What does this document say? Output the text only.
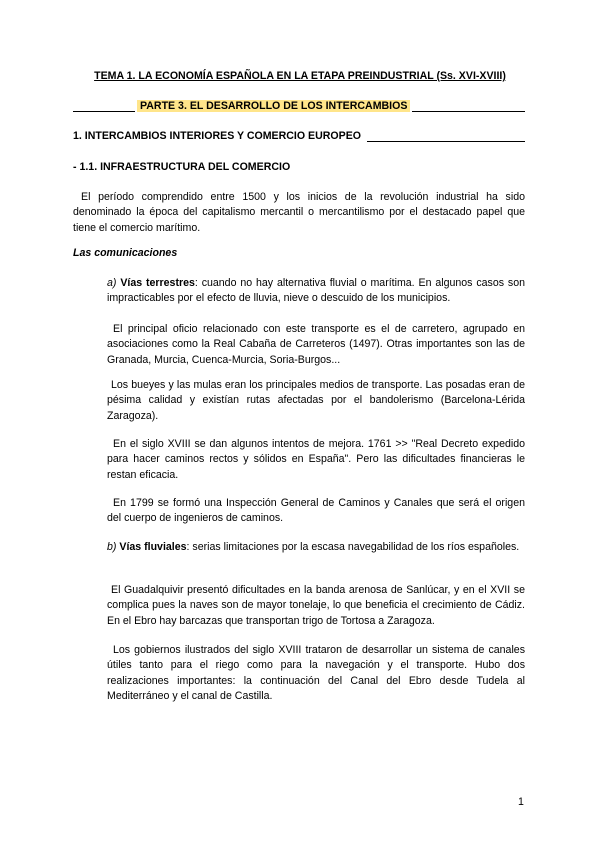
TEMA 1. LA ECONOMÍA ESPAÑOLA EN LA ETAPA PREINDUSTRIAL (Ss. XVI-XVIII)
PARTE 3. EL DESARROLLO DE LOS INTERCAMBIOS
1. INTERCAMBIOS INTERIORES Y COMERCIO EUROPEO
- 1.1. INFRAESTRUCTURA DEL COMERCIO
El período comprendido entre 1500 y los inicios de la revolución industrial ha sido denominado la época del capitalismo mercantil o mercantilismo por el destacado papel que tiene el comercio marítimo.
Las comunicaciones
a) Vías terrestres: cuando no hay alternativa fluvial o marítima. En algunos casos son impracticables por el efecto de lluvia, nieve o descuido de los municipios.
El principal oficio relacionado con este transporte es el de carretero, agrupado en asociaciones como la Real Cabaña de Carreteros (1497). Otras importantes son las de Granada, Murcia, Cuenca-Murcia, Soria-Burgos...
Los bueyes y las mulas eran los principales medios de transporte. Las posadas eran de pésima calidad y existían rutas afectadas por el bandolerismo (Barcelona-Lérida Zaragoza).
En el siglo XVIII se dan algunos intentos de mejora. 1761 >> "Real Decreto expedido para hacer caminos rectos y sólidos en España". Pero las dificultades financieras le restan eficacia.
En 1799 se formó una Inspección General de Caminos y Canales que será el origen del cuerpo de ingenieros de caminos.
b) Vías fluviales: serias limitaciones por la escasa navegabilidad de los ríos españoles.
El Guadalquivir presentó dificultades en la banda arenosa de Sanlúcar, y en el XVII se complica pues la naves son de mayor tonelaje, lo que beneficia el crecimiento de Cádiz. En el Ebro hay barcazas que transportan trigo de Tortosa a Zaragoza.
Los gobiernos ilustrados del siglo XVIII trataron de desarrollar un sistema de canales útiles tanto para el riego como para la navegación y el transporte. Hubo dos realizaciones importantes: la continuación del Canal del Ebro desde Tudela al Mediterráneo y el canal de Castilla.
1
